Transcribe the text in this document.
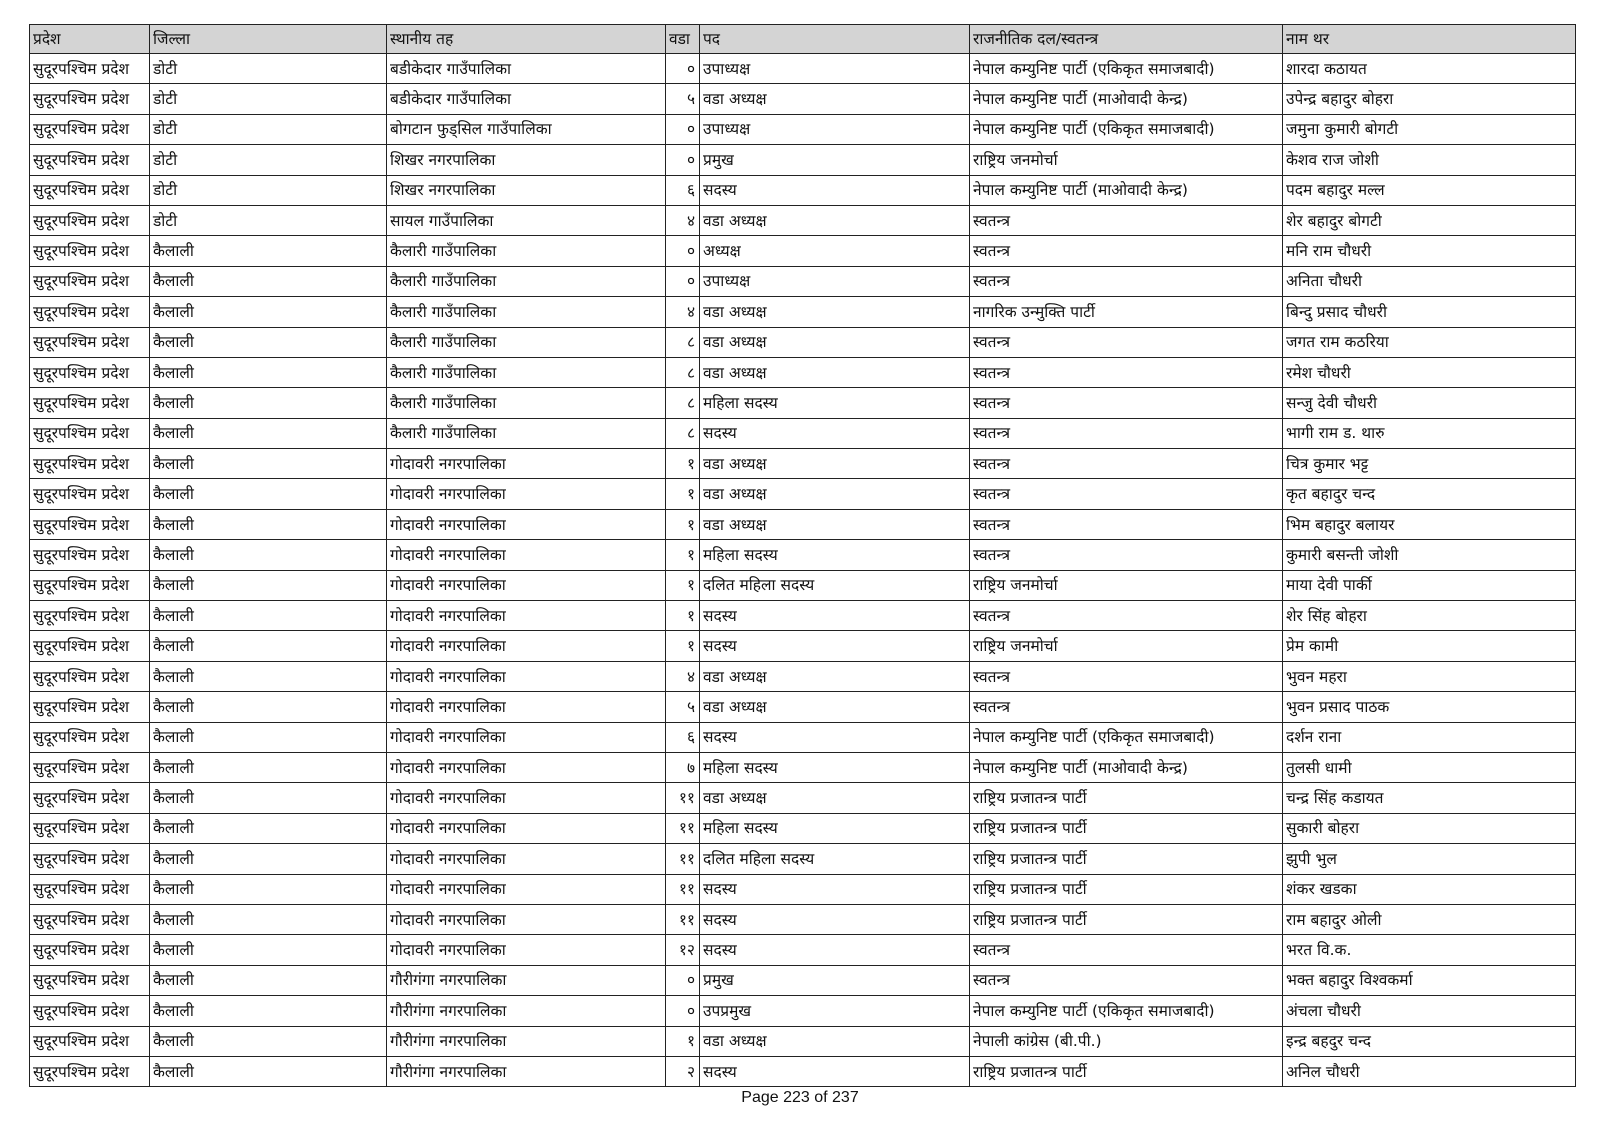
प्रदेश	जिल्ला	स्थानीय तह	वडा	पद	राजनीतिक दल/स्वतन्त्र	नाम थर
सुदूरपश्चिम प्रदेश	डोटी	बडीकेदार गाउँपालिका	०	उपाध्यक्ष	नेपाल कम्युनिष्ट पार्टी (एकिकृत समाजबादी)	शारदा कठायत
सुदूरपश्चिम प्रदेश	डोटी	बडीकेदार गाउँपालिका	५	वडा अध्यक्ष	नेपाल कम्युनिष्ट पार्टी (माओवादी केन्द्र)	उपेन्द्र बहादुर बोहरा
सुदूरपश्चिम प्रदेश	डोटी	बोगटान फुड्सिल गाउँपालिका	०	उपाध्यक्ष	नेपाल कम्युनिष्ट पार्टी (एकिकृत समाजबादी)	जमुना कुमारी बोगटी
सुदूरपश्चिम प्रदेश	डोटी	शिखर नगरपालिका	०	प्रमुख	राष्ट्रिय जनमोर्चा	केशव राज जोशी
सुदूरपश्चिम प्रदेश	डोटी	शिखर नगरपालिका	६	सदस्य	नेपाल कम्युनिष्ट पार्टी (माओवादी केन्द्र)	पदम बहादुर मल्ल
सुदूरपश्चिम प्रदेश	डोटी	सायल गाउँपालिका	४	वडा अध्यक्ष	स्वतन्त्र	शेर बहादुर बोगटी
सुदूरपश्चिम प्रदेश	कैलाली	कैलारी गाउँपालिका	०	अध्यक्ष	स्वतन्त्र	मनि राम चौधरी
सुदूरपश्चिम प्रदेश	कैलाली	कैलारी गाउँपालिका	०	उपाध्यक्ष	स्वतन्त्र	अनिता चौधरी
सुदूरपश्चिम प्रदेश	कैलाली	कैलारी गाउँपालिका	४	वडा अध्यक्ष	नागरिक उन्मुक्ति पार्टी	बिन्दु प्रसाद चौधरी
सुदूरपश्चिम प्रदेश	कैलाली	कैलारी गाउँपालिका	८	वडा अध्यक्ष	स्वतन्त्र	जगत राम कठरिया
सुदूरपश्चिम प्रदेश	कैलाली	कैलारी गाउँपालिका	८	वडा अध्यक्ष	स्वतन्त्र	रमेश चौधरी
सुदूरपश्चिम प्रदेश	कैलाली	कैलारी गाउँपालिका	८	महिला सदस्य	स्वतन्त्र	सन्जु देवी चौधरी
सुदूरपश्चिम प्रदेश	कैलाली	कैलारी गाउँपालिका	८	सदस्य	स्वतन्त्र	भागी राम ड. थारु
सुदूरपश्चिम प्रदेश	कैलाली	गोदावरी नगरपालिका	१	वडा अध्यक्ष	स्वतन्त्र	चित्र कुमार भट्ट
सुदूरपश्चिम प्रदेश	कैलाली	गोदावरी नगरपालिका	१	वडा अध्यक्ष	स्वतन्त्र	कृत बहादुर चन्द
सुदूरपश्चिम प्रदेश	कैलाली	गोदावरी नगरपालिका	१	वडा अध्यक्ष	स्वतन्त्र	भिम बहादुर बलायर
सुदूरपश्चिम प्रदेश	कैलाली	गोदावरी नगरपालिका	१	महिला सदस्य	स्वतन्त्र	कुमारी बसन्ती जोशी
सुदूरपश्चिम प्रदेश	कैलाली	गोदावरी नगरपालिका	१	दलित महिला सदस्य	राष्ट्रिय जनमोर्चा	माया देवी पार्की
सुदूरपश्चिम प्रदेश	कैलाली	गोदावरी नगरपालिका	१	सदस्य	स्वतन्त्र	शेर सिंह बोहरा
सुदूरपश्चिम प्रदेश	कैलाली	गोदावरी नगरपालिका	१	सदस्य	राष्ट्रिय जनमोर्चा	प्रेम कामी
सुदूरपश्चिम प्रदेश	कैलाली	गोदावरी नगरपालिका	४	वडा अध्यक्ष	स्वतन्त्र	भुवन महरा
सुदूरपश्चिम प्रदेश	कैलाली	गोदावरी नगरपालिका	५	वडा अध्यक्ष	स्वतन्त्र	भुवन प्रसाद पाठक
सुदूरपश्चिम प्रदेश	कैलाली	गोदावरी नगरपालिका	६	सदस्य	नेपाल कम्युनिष्ट पार्टी (एकिकृत समाजबादी)	दर्शन राना
सुदूरपश्चिम प्रदेश	कैलाली	गोदावरी नगरपालिका	७	महिला सदस्य	नेपाल कम्युनिष्ट पार्टी (माओवादी केन्द्र)	तुलसी धामी
सुदूरपश्चिम प्रदेश	कैलाली	गोदावरी नगरपालिका	११	वडा अध्यक्ष	राष्ट्रिय प्रजातन्त्र पार्टी	चन्द्र सिंह कडायत
सुदूरपश्चिम प्रदेश	कैलाली	गोदावरी नगरपालिका	११	महिला सदस्य	राष्ट्रिय प्रजातन्त्र पार्टी	सुकारी बोहरा
सुदूरपश्चिम प्रदेश	कैलाली	गोदावरी नगरपालिका	११	दलित महिला सदस्य	राष्ट्रिय प्रजातन्त्र पार्टी	झुपी भुल
सुदूरपश्चिम प्रदेश	कैलाली	गोदावरी नगरपालिका	११	सदस्य	राष्ट्रिय प्रजातन्त्र पार्टी	शंकर खडका
सुदूरपश्चिम प्रदेश	कैलाली	गोदावरी नगरपालिका	११	सदस्य	राष्ट्रिय प्रजातन्त्र पार्टी	राम बहादुर ओली
सुदूरपश्चिम प्रदेश	कैलाली	गोदावरी नगरपालिका	१२	सदस्य	स्वतन्त्र	भरत वि.क.
सुदूरपश्चिम प्रदेश	कैलाली	गौरीगंगा नगरपालिका	०	प्रमुख	स्वतन्त्र	भक्त बहादुर विश्वकर्मा
सुदूरपश्चिम प्रदेश	कैलाली	गौरीगंगा नगरपालिका	०	उपप्रमुख	नेपाल कम्युनिष्ट पार्टी (एकिकृत समाजबादी)	अंचला चौधरी
सुदूरपश्चिम प्रदेश	कैलाली	गौरीगंगा नगरपालिका	१	वडा अध्यक्ष	नेपाली कांग्रेस (बी.पी.)	इन्द्र बहदुर चन्द
सुदूरपश्चिम प्रदेश	कैलाली	गौरीगंगा नगरपालिका	२	सदस्य	राष्ट्रिय प्रजातन्त्र पार्टी	अनिल चौधरी
Page 223 of 237
